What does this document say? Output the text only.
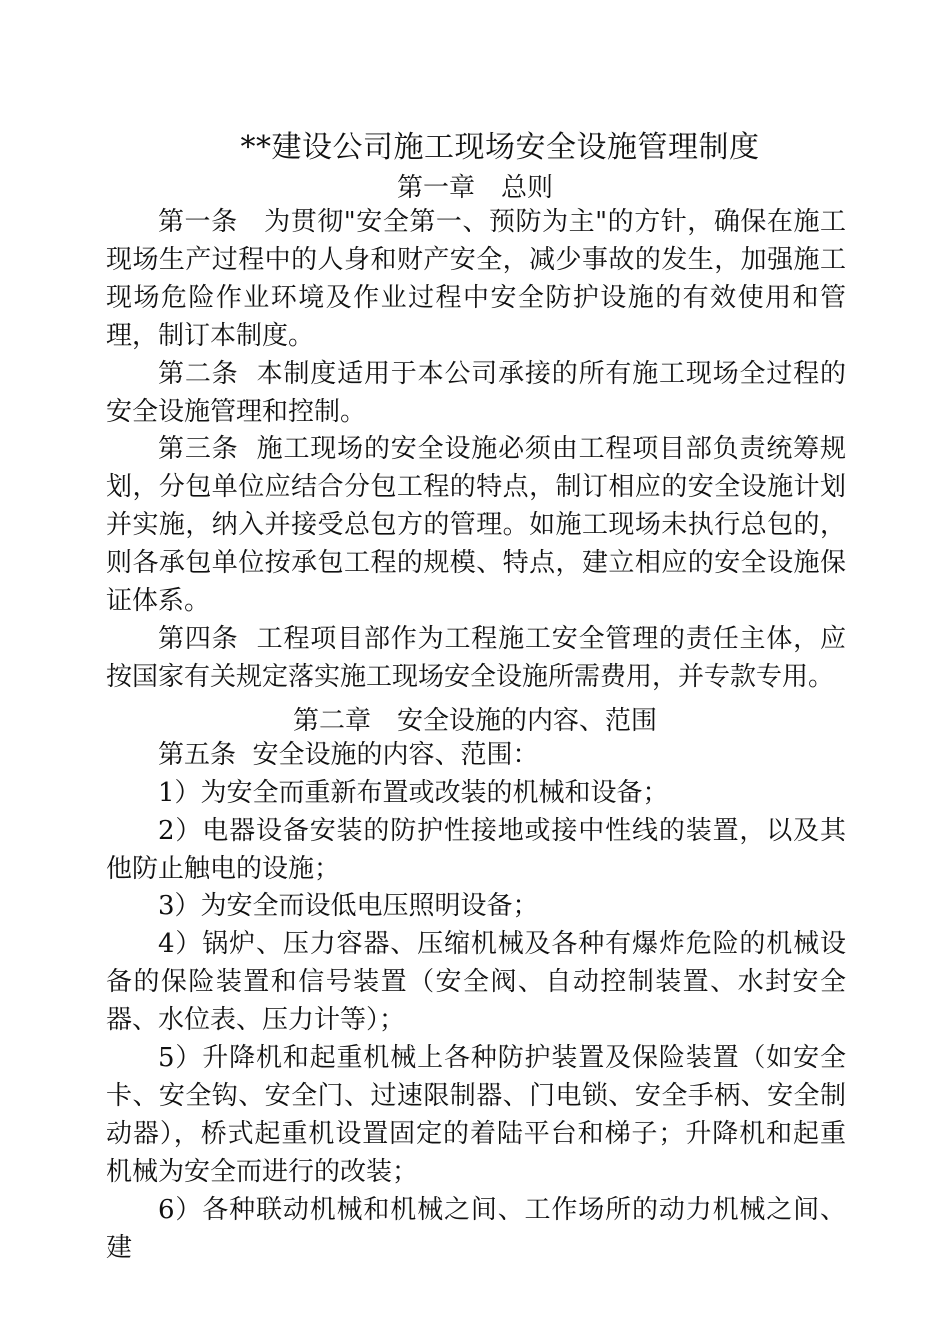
**建设公司施工现场安全设施管理制度
第一章　总则

第一条　为贯彻"安全第一、预防为主"的方针，确保在施工现场生产过程中的人身和财产安全，减少事故的发生，加强施工现场危险作业环境及作业过程中安全防护设施的有效使用和管理，制订本制度。

第二条  本制度适用于本公司承接的所有施工现场全过程的安全设施管理和控制。

第三条  施工现场的安全设施必须由工程项目部负责统筹规划，分包单位应结合分包工程的特点，制订相应的安全设施计划并实施，纳入并接受总包方的管理。如施工现场未执行总包的，则各承包单位按承包工程的规模、特点，建立相应的安全设施保证体系。

第四条  工程项目部作为工程施工安全管理的责任主体，应按国家有关规定落实施工现场安全设施所需费用，并专款专用。

第五条  安全设施的内容、范围：

1）为安全而重新布置或改装的机械和设备；

2）电器设备安装的防护性接地或接中性线的装置，以及其他防止触电的设施；

3）为安全而设低电压照明设备；

4）锅炉、压力容器、压缩机械及各种有爆炸危险的机械设备的保险装置和信号装置（安全阀、自动控制装置、水封安全器、水位表、压力计等）；

5）升降机和起重机械上各种防护装置及保险装置（如安全卡、安全钩、安全门、过速限制器、门电锁、安全手柄、安全制动器），桥式起重机设置固定的着陆平台和梯子；升降机和起重机械为安全而进行的改装；

6）各种联动机械和机械之间、工作场所的动力机械之间、建

第二章　安全设施的内容、范围
